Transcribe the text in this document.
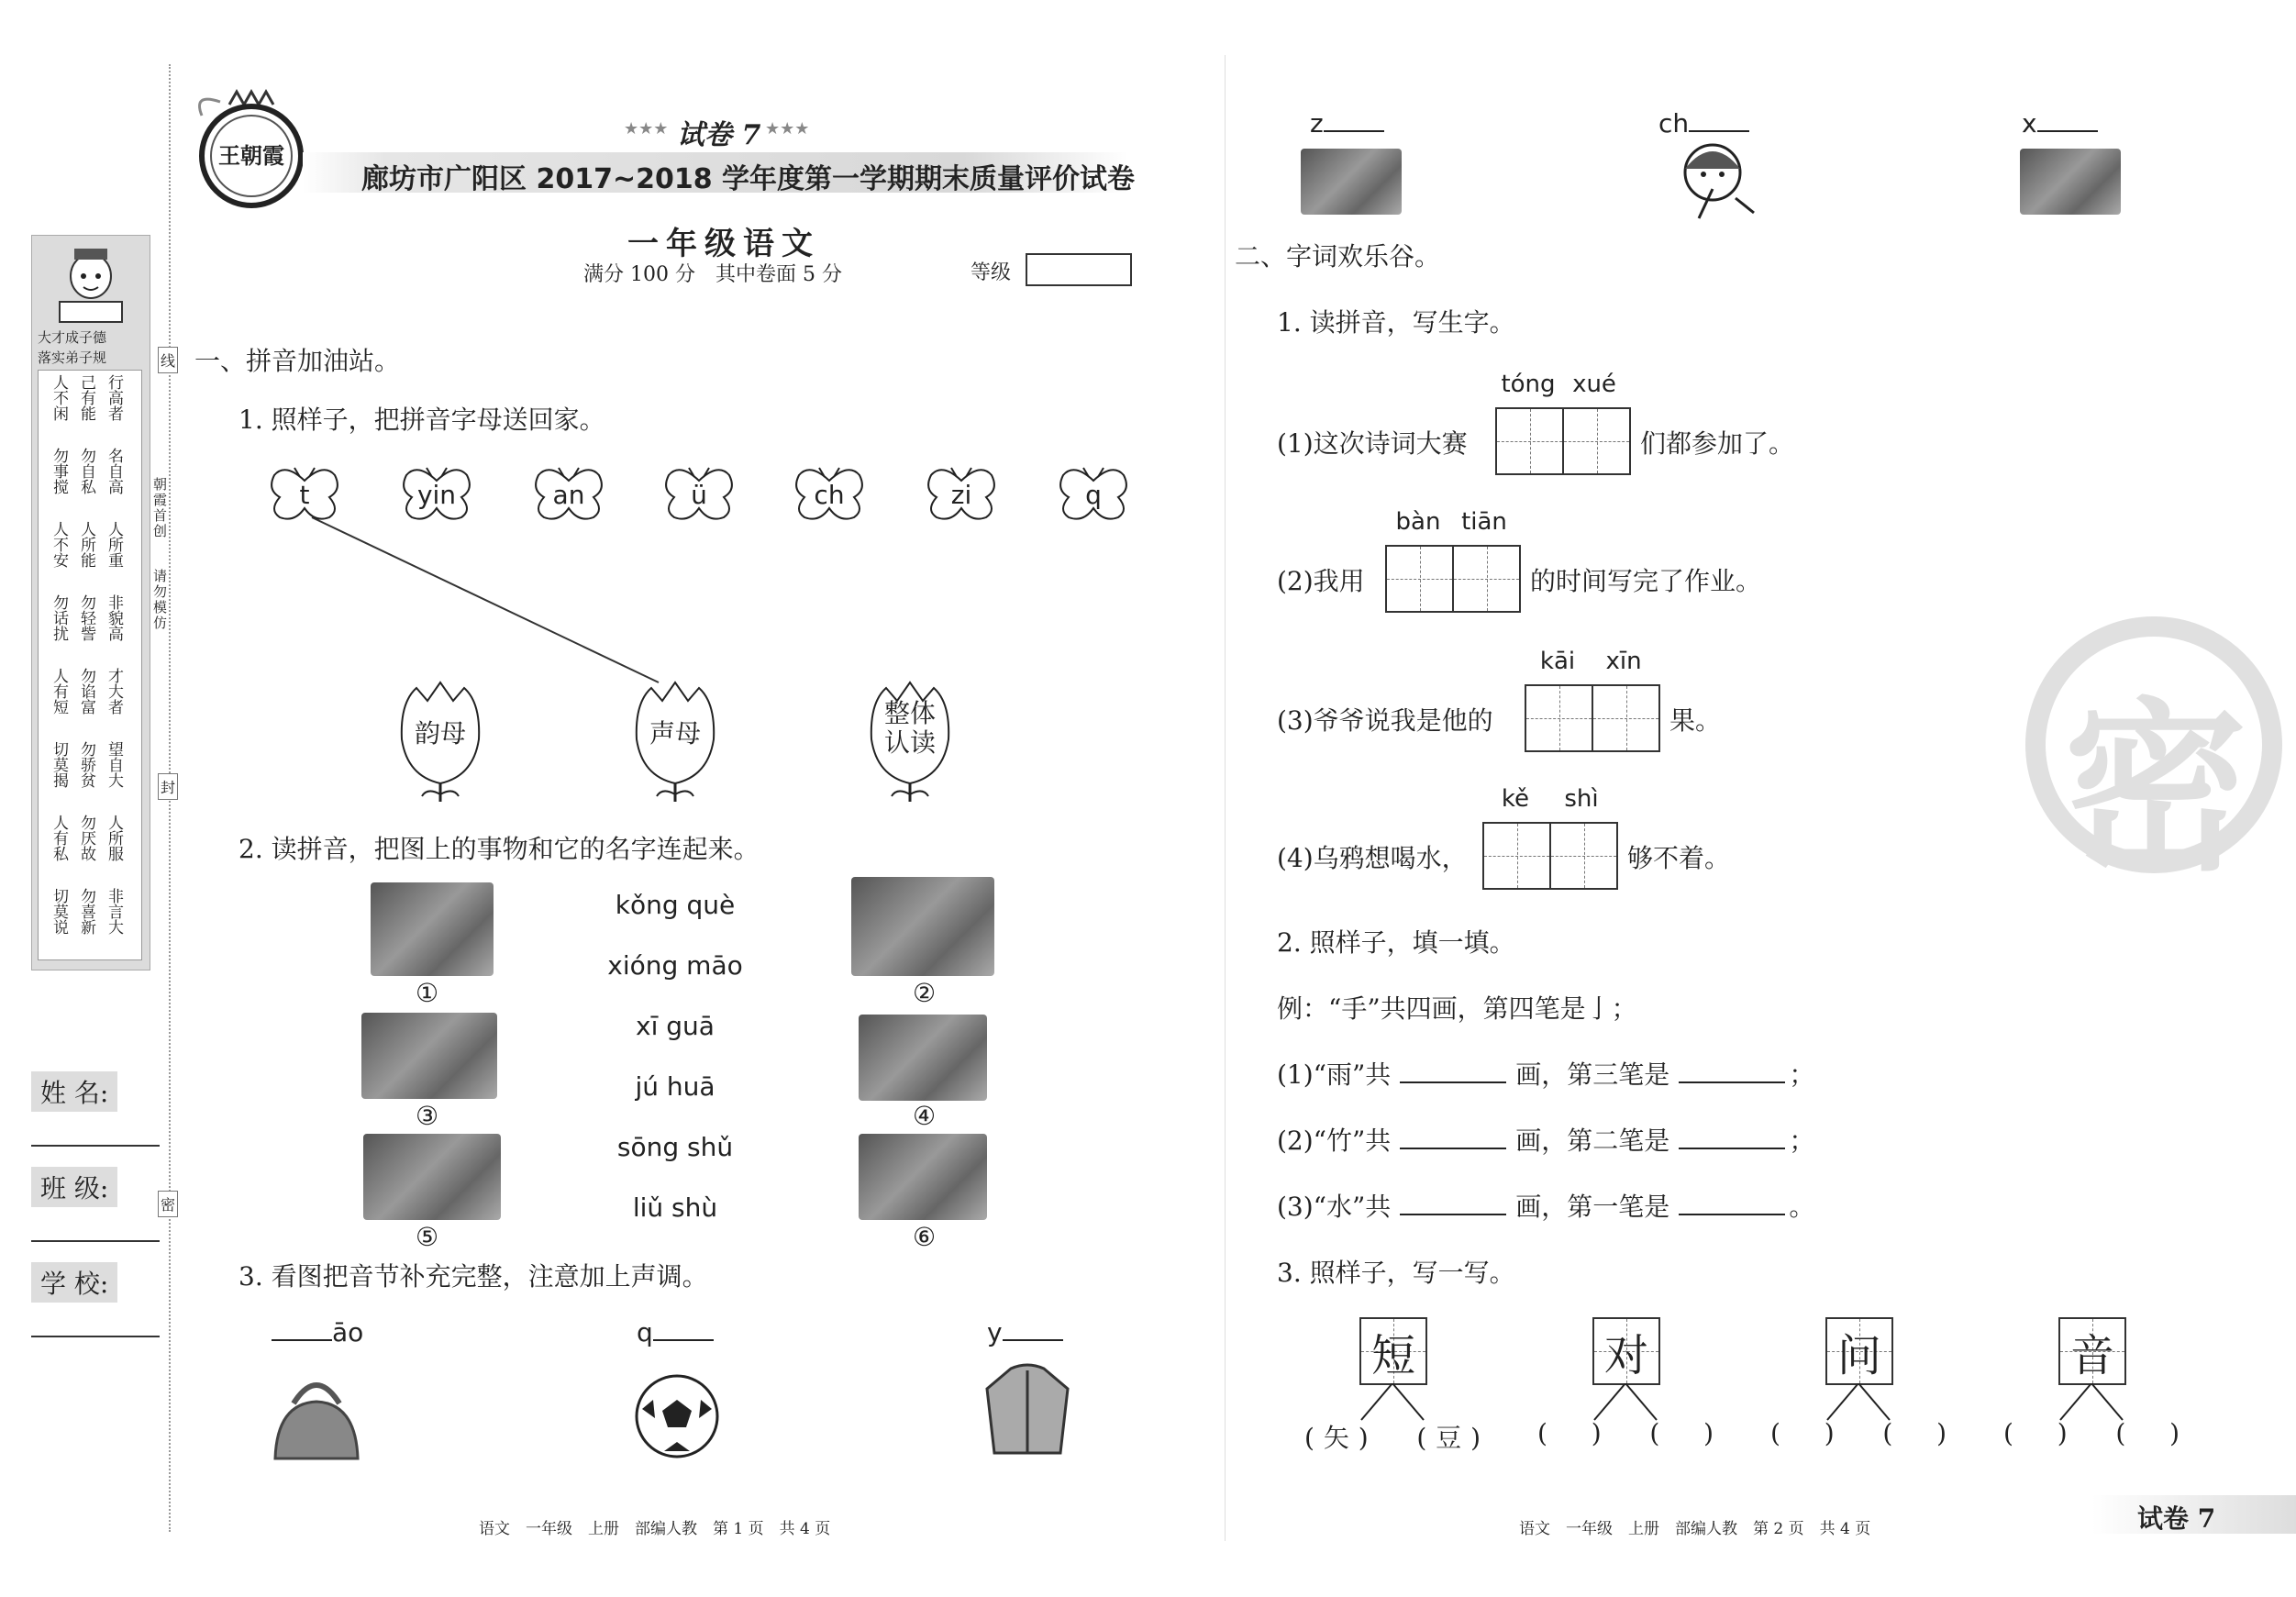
大才成子德
落实弟子规
人不闲 己有能 行高者
勿事搅 勿自私 名自高
人不安 人所能 人所重
勿话扰 勿轻訾 非貌高
人有短 勿谄富 才大者
切莫揭 勿骄贫 望自大
人有私 勿厌故 人所服
切莫说 勿喜新 非言大
朝霞首创
请勿模仿
线
封
密
姓 名:
班 级:
学 校:
王朝霞
★★★ 试卷 7 ★★★
廊坊市广阳区 2017~2018 学年度第一学期期末质量评价试卷
一年级语文
满分 100 分　其中卷面 5 分	等级
一、拼音加油站。
1. 照样子，把拼音字母送回家。
t	yin	an	ü	ch	zi	q
韵母	声母
整体认读
2. 读拼音，把图上的事物和它的名字连起来。
①	②
③	④
⑤	⑥
kǒng què
xióng māo
xī guā
jú huā
sōng shǔ
liǔ shù
3. 看图把音节补充完整，注意加上声调。
āo	q	y
语文　一年级　上册　部编人教　第 1 页　共 4 页
z	ch	x
二、字词欢乐谷。
1. 读拼音，写生字。
(1)这次诗词大赛
tóng xué
们都参加了。
(2)我用
bàn tiān
的时间写完了作业。
(3)爷爷说我是他的
kāi	xīn
果。
(4)乌鸦想喝水，
kě	shì
够不着。
2. 照样子，填一填。
例：“手”共四画，第四笔是亅；
(1)“雨”共	画，第三笔是	；
(2)“竹”共	画，第二笔是	；
(3)“水”共	画，第一笔是	。
3. 照样子，写一写。
短
( 矢 ) ( 豆 )
对
(  ) (  )
问
(  ) (  )
音
(  ) (  )
密
语文　一年级　上册　部编人教　第 2 页　共 4 页	试卷 7
